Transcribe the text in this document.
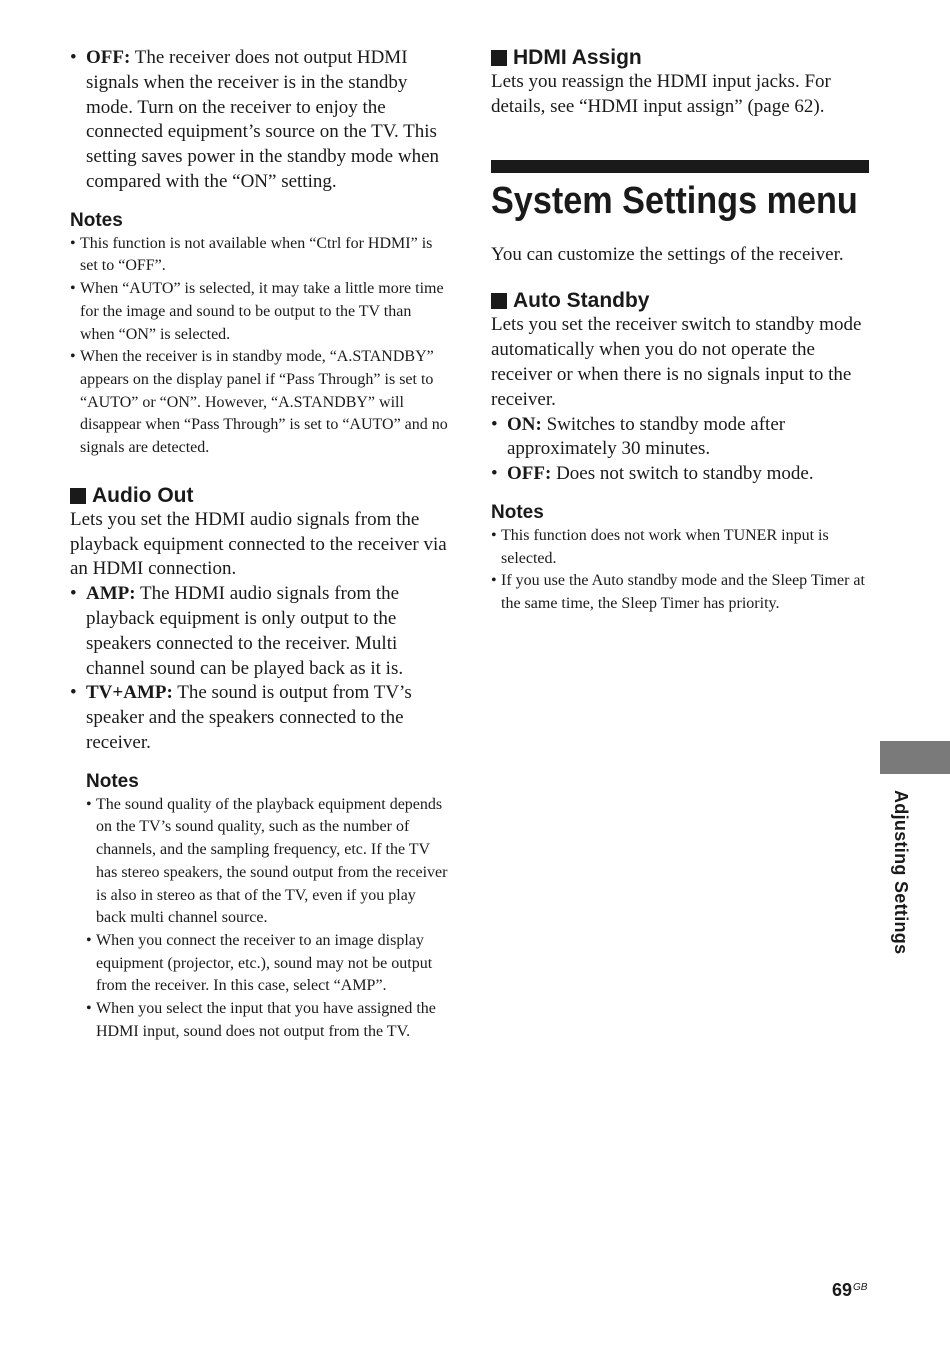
• OFF: The receiver does not output HDMI signals when the receiver is in the standby mode. Turn on the receiver to enjoy the connected equipment’s source on the TV. This setting saves power in the standby mode when compared with the “ON” setting.

Notes

• This function is not available when “Ctrl for HDMI” is set to “OFF”.
• When “AUTO” is selected, it may take a little more time for the image and sound to be output to the TV than when “ON” is selected.
• When the receiver is in standby mode, “A.STANDBY” appears on the display panel if “Pass Through” is set to “AUTO” or “ON”. However, “A.STANDBY” will disappear when “Pass Through” is set to “AUTO” and no signals are detected.
Audio Out
Lets you set the HDMI audio signals from the playback equipment connected to the receiver via an HDMI connection.
• AMP: The HDMI audio signals from the playback equipment is only output to the speakers connected to the receiver. Multi channel sound can be played back as it is.
• TV+AMP: The sound is output from TV’s speaker and the speakers connected to the receiver.

Notes

• The sound quality of the playback equipment depends on the TV’s sound quality, such as the number of channels, and the sampling frequency, etc. If the TV has stereo speakers, the sound output from the receiver is also in stereo as that of the TV, even if you play back multi channel source.
• When you connect the receiver to an image display equipment (projector, etc.), sound may not be output from the receiver. In this case, select “AMP”.
• When you select the input that you have assigned the HDMI input, sound does not output from the TV.
HDMI Assign
Lets you reassign the HDMI input jacks. For details, see “HDMI input assign” (page 62).
System Settings menu
You can customize the settings of the receiver.
Auto Standby
Lets you set the receiver switch to standby mode automatically when you do not operate the receiver or when there is no signals input to the receiver.
• ON: Switches to standby mode after approximately 30 minutes.
• OFF: Does not switch to standby mode.

Notes

• This function does not work when TUNER input is selected.
• If you use the Auto standby mode and the Sleep Timer at the same time, the Sleep Timer has priority.
Adjusting Settings
$69^{GB}$
